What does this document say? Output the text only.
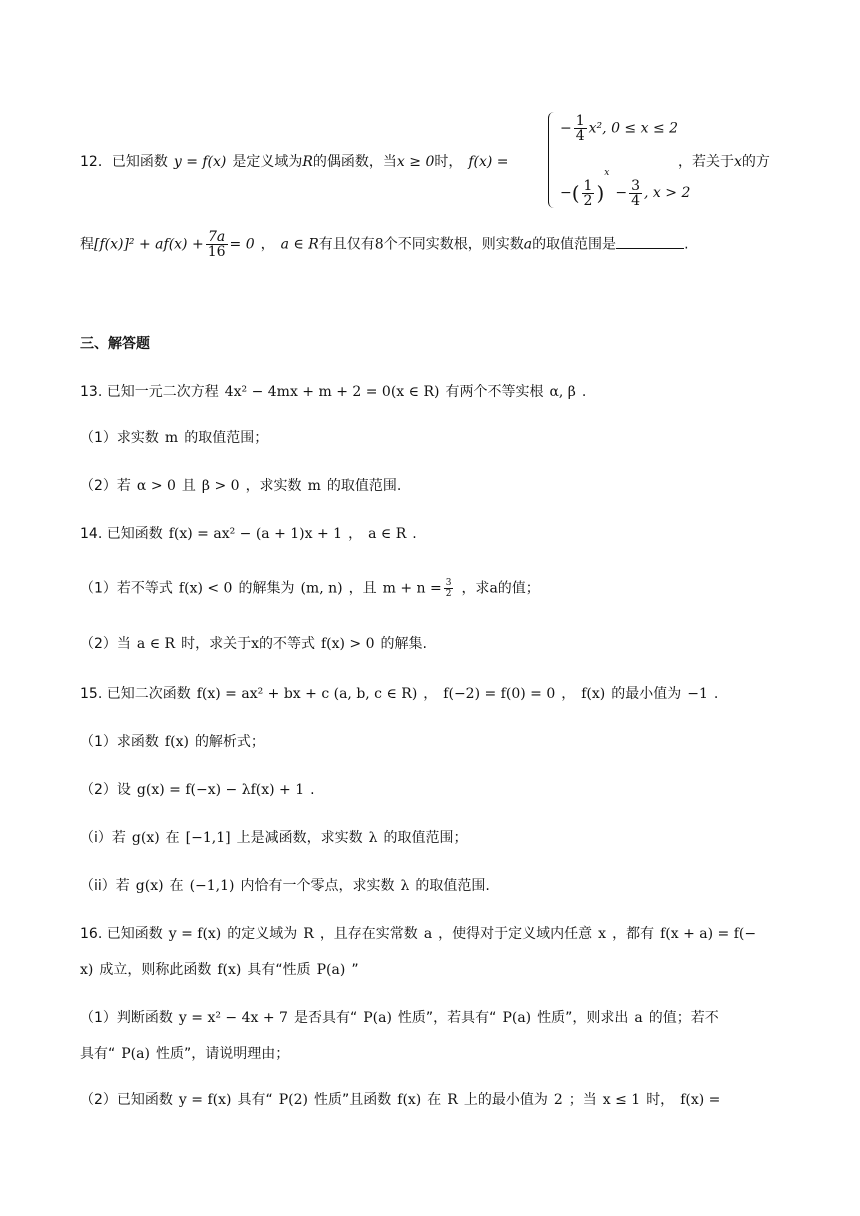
12．已知函数 y = f(x) 是定义域为R的偶函数，当x ≥ 0时， f(x) =
− $\frac{1}{4} x^2$, 0 ≤ x ≤ 2
−( $\frac{1}{2} )^x- \frac{3}{4}$ , x > 2
，若关于x的方
程$[f(x)]^2 + af(x) + \frac{7a}{16} = 0$ ， a ∈ R有且仅有8个不同实数根，则实数a的取值范围是	.
三、解答题
13. 已知一元二次方程 4x² − 4mx + m + 2 = 0(x ∈ R) 有两个不等实根 α, β .
（1）求实数 m 的取值范围；
（2）若 α > 0 且 β > 0 ，求实数 m 的取值范围.
14. 已知函数 f(x) = ax² − (a + 1)x + 1 ， a ∈ R .
（1）若不等式 f(x) < 0 的解集为 (m, n) ，且 $m + n = \frac{3}{2}$ ，求a的值；
（2）当 a ∈ R 时，求关于x的不等式 f(x) > 0 的解集.
15. 已知二次函数 f(x) = ax² + bx + c (a, b, c ∈ R) ， f(−2) = f(0) = 0 ， f(x) 的最小值为 −1 .
（1）求函数 f(x) 的解析式；
（2）设 g(x) = f(−x) − λf(x) + 1 .
（i）若 g(x) 在 [−1,1] 上是减函数，求实数 λ 的取值范围；
（ii）若 g(x) 在 (−1,1) 内恰有一个零点，求实数 λ 的取值范围.
16. 已知函数 y = f(x) 的定义域为 R ，且存在实常数 a ，使得对于定义域内任意 x ，都有 f(x + a) = f(−
x) 成立，则称此函数 f(x) 具有“性质 P(a) ”
（1）判断函数 y = x² − 4x + 7 是否具有“ P(a) 性质”，若具有“ P(a) 性质”，则求出 a 的值；若不
具有“ P(a) 性质”，请说明理由；
（2）已知函数 y = f(x) 具有“ P(2) 性质”且函数 f(x) 在 R 上的最小值为 2 ；当 x ≤ 1 时， f(x) =
